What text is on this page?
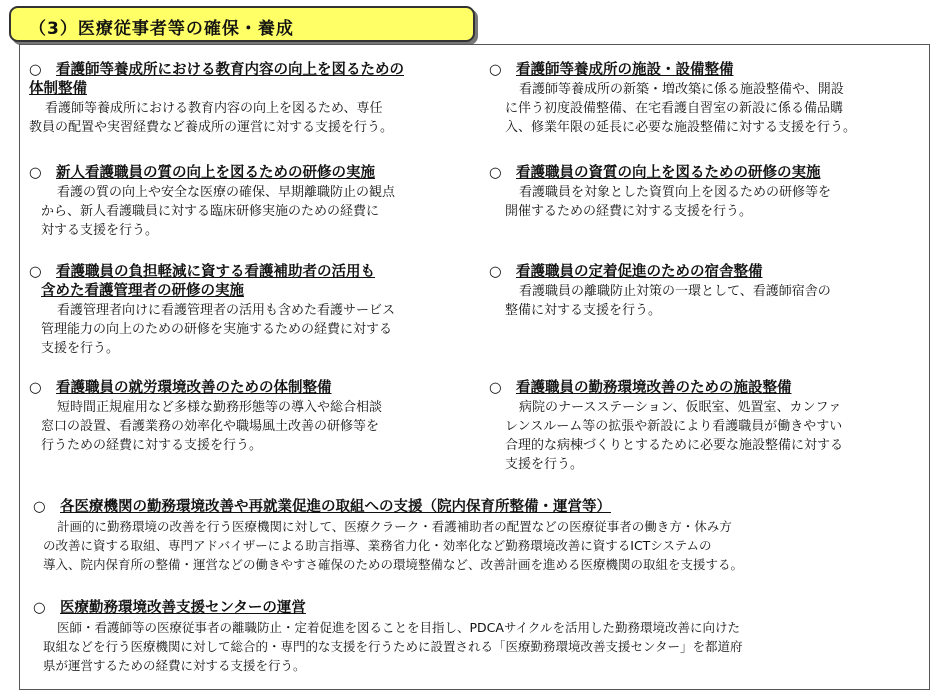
（3）医療従事者等の確保・養成

○ 看護師等養成所における教育内容の向上を図るための

体制整備

看護師等養成所における教育内容の向上を図るため、専任

教員の配置や実習経費など養成所の運営に対する支援を行う。

○ 看護師等養成所の施設・設備整備

看護師等養成所の新築・増改築に係る施設整備や、開設

に伴う初度設備整備、在宅看護自習室の新設に係る備品購

入、修業年限の延長に必要な施設整備に対する支援を行う。

○ 新人看護職員の質の向上を図るための研修の実施

看護の質の向上や安全な医療の確保、早期離職防止の観点

から、新人看護職員に対する臨床研修実施のための経費に

対する支援を行う。

○ 看護職員の資質の向上を図るための研修の実施

看護職員を対象とした資質向上を図るための研修等を

開催するための経費に対する支援を行う。

○ 看護職員の負担軽減に資する看護補助者の活用も

含めた看護管理者の研修の実施

看護管理者向けに看護管理者の活用も含めた看護サービス

管理能力の向上のための研修を実施するための経費に対する

支援を行う。

○ 看護職員の定着促進のための宿舎整備

看護職員の離職防止対策の一環として、看護師宿舎の

整備に対する支援を行う。

○ 看護職員の就労環境改善のための体制整備

短時間正規雇用など多様な勤務形態等の導入や総合相談

窓口の設置、看護業務の効率化や職場風土改善の研修等を

行うための経費に対する支援を行う。

○ 看護職員の勤務環境改善のための施設整備

病院のナースステーション、仮眠室、処置室、カンファ

レンスルーム等の拡張や新設により看護職員が働きやすい

合理的な病棟づくりとするために必要な施設整備に対する

支援を行う。

○ 各医療機関の勤務環境改善や再就業促進の取組への支援（院内保育所整備・運営等）

計画的に勤務環境の改善を行う医療機関に対して、医療クラーク・看護補助者の配置などの医療従事者の働き方・休み方

の改善に資する取組、専門アドバイザーによる助言指導、業務省力化・効率化など勤務環境改善に資するICTシステムの

導入、院内保育所の整備・運営などの働きやすさ確保のための環境整備など、改善計画を進める医療機関の取組を支援する。

○ 医療勤務環境改善支援センターの運営

医師・看護師等の医療従事者の離職防止・定着促進を図ることを目指し、PDCAサイクルを活用した勤務環境改善に向けた

取組などを行う医療機関に対して総合的・専門的な支援を行うために設置される「医療勤務環境改善支援センター」を都道府

県が運営するための経費に対する支援を行う。
